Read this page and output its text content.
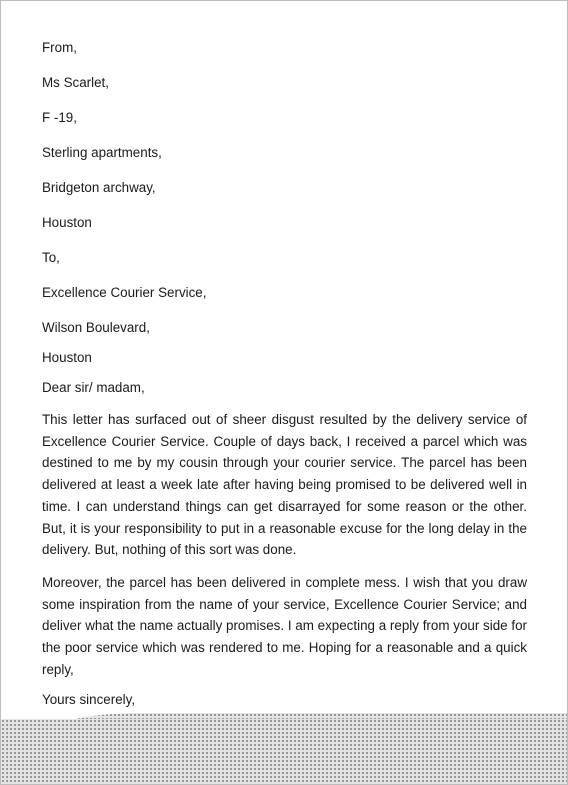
From,
Ms Scarlet,
F -19,
Sterling apartments,
Bridgeton archway,
Houston
To,
Excellence Courier Service,
Wilson Boulevard,
Houston
Dear sir/ madam,

This letter has surfaced out of sheer disgust resulted by the delivery service of Excellence Courier Service. Couple of days back, I received a parcel which was destined to me by my cousin through your courier service. The parcel has been delivered at least a week late after having being promised to be delivered well in time. I can understand things can get disarrayed for some reason or the other. But, it is your responsibility to put in a reasonable excuse for the long delay in the delivery. But, nothing of this sort was done.

Moreover, the parcel has been delivered in complete mess. I wish that you draw some inspiration from the name of your service, Excellence Courier Service; and deliver what the name actually promises. I am expecting a reply from your side for the poor service which was rendered to me. Hoping for a reasonable and a quick reply,

Yours sincerely,
